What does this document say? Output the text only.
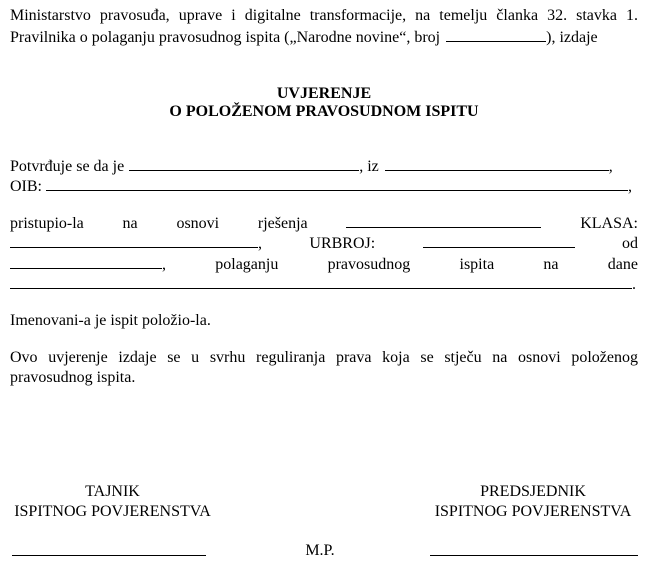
Ministarstvo pravosuđa, uprave i digitalne transformacije, na temelju članka 32. stavka 1.
Pravilnika o polaganju pravosudnog ispita („Narodne novine“, broj	), izdaje
UVJERENJE
O POLOŽENOM PRAVOSUDNOM ISPITU
Potvrđuje se da je	, iz	,
OIB:	,
pristupio-la na osnovi rješenja	KLASA:
,	URBROJ:	od
,	polaganju	pravosudnog	ispita	na	dane
.
Imenovani-a je ispit položio-la.
Ovo uvjerenje izdaje se u svrhu reguliranja prava koja se stječu na osnovi položenog
pravosudnog ispita.
TAJNIK
ISPITNOG POVJERENSTVA
PREDSJEDNIK
ISPITNOG POVJERENSTVA
M.P.
